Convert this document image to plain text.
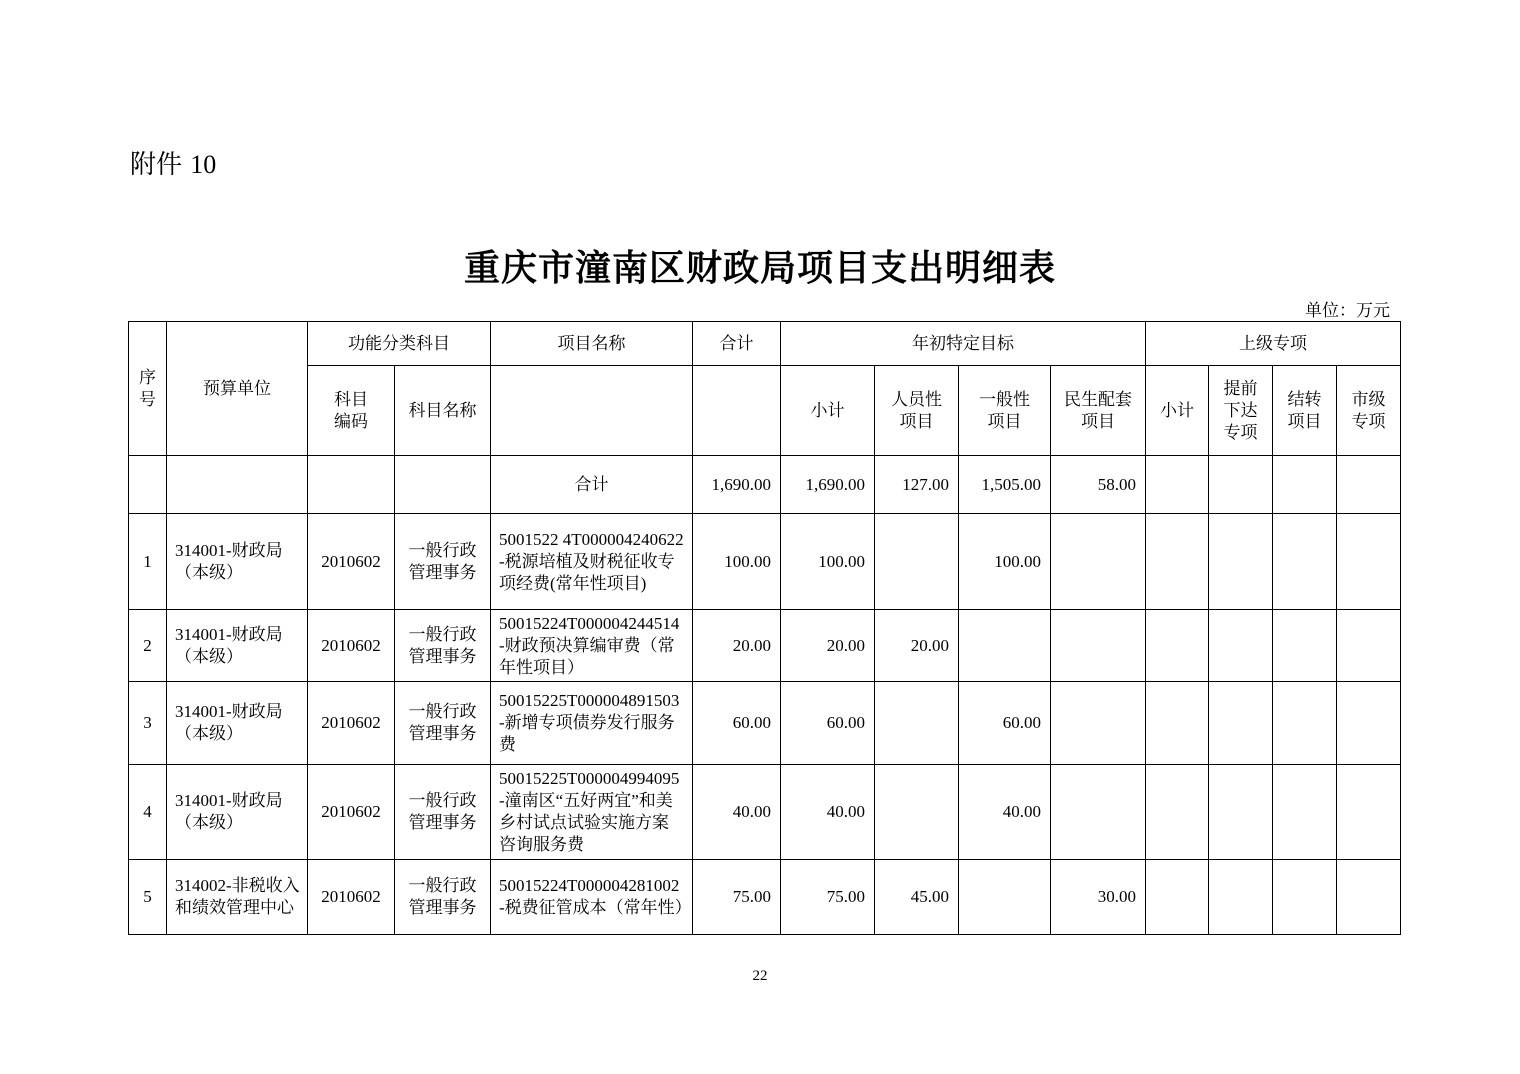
附件 10
重庆市潼南区财政局项目支出明细表
单位：万元
序号	预算单位	功能分类科目		项目名称	合计	年初特定目标				上级专项			

		科目编码	科目名称			小计	人员性项目	一般性项目	民生配套项目	小计	提前下达专项	结转项目	市级专项

				合计	1,690.00	1,690.00	127.00	1,505.00	58.00				
1	314001-财政局（本级）	2010602	一般行政管理事务	5001522 4T000004240622-税源培植及财税征收专项经费(常年性项目)	100.00	100.00		100.00					
2	314001-财政局（本级）	2010602	一般行政管理事务	50015224T000004244514-财政预决算编审费（常年性项目）	20.00	20.00	20.00						
3	314001-财政局（本级）	2010602	一般行政管理事务	50015225T000004891503-新增专项债券发行服务费	60.00	60.00		60.00					
4	314001-财政局（本级）	2010602	一般行政管理事务	50015225T000004994095-潼南区“五好两宜”和美乡村试点试验实施方案咨询服务费	40.00	40.00		40.00					
5	314002-非税收入和绩效管理中心	2010602	一般行政管理事务	50015224T000004281002-税费征管成本（常年性）	75.00	75.00	45.00		30.00				
22
